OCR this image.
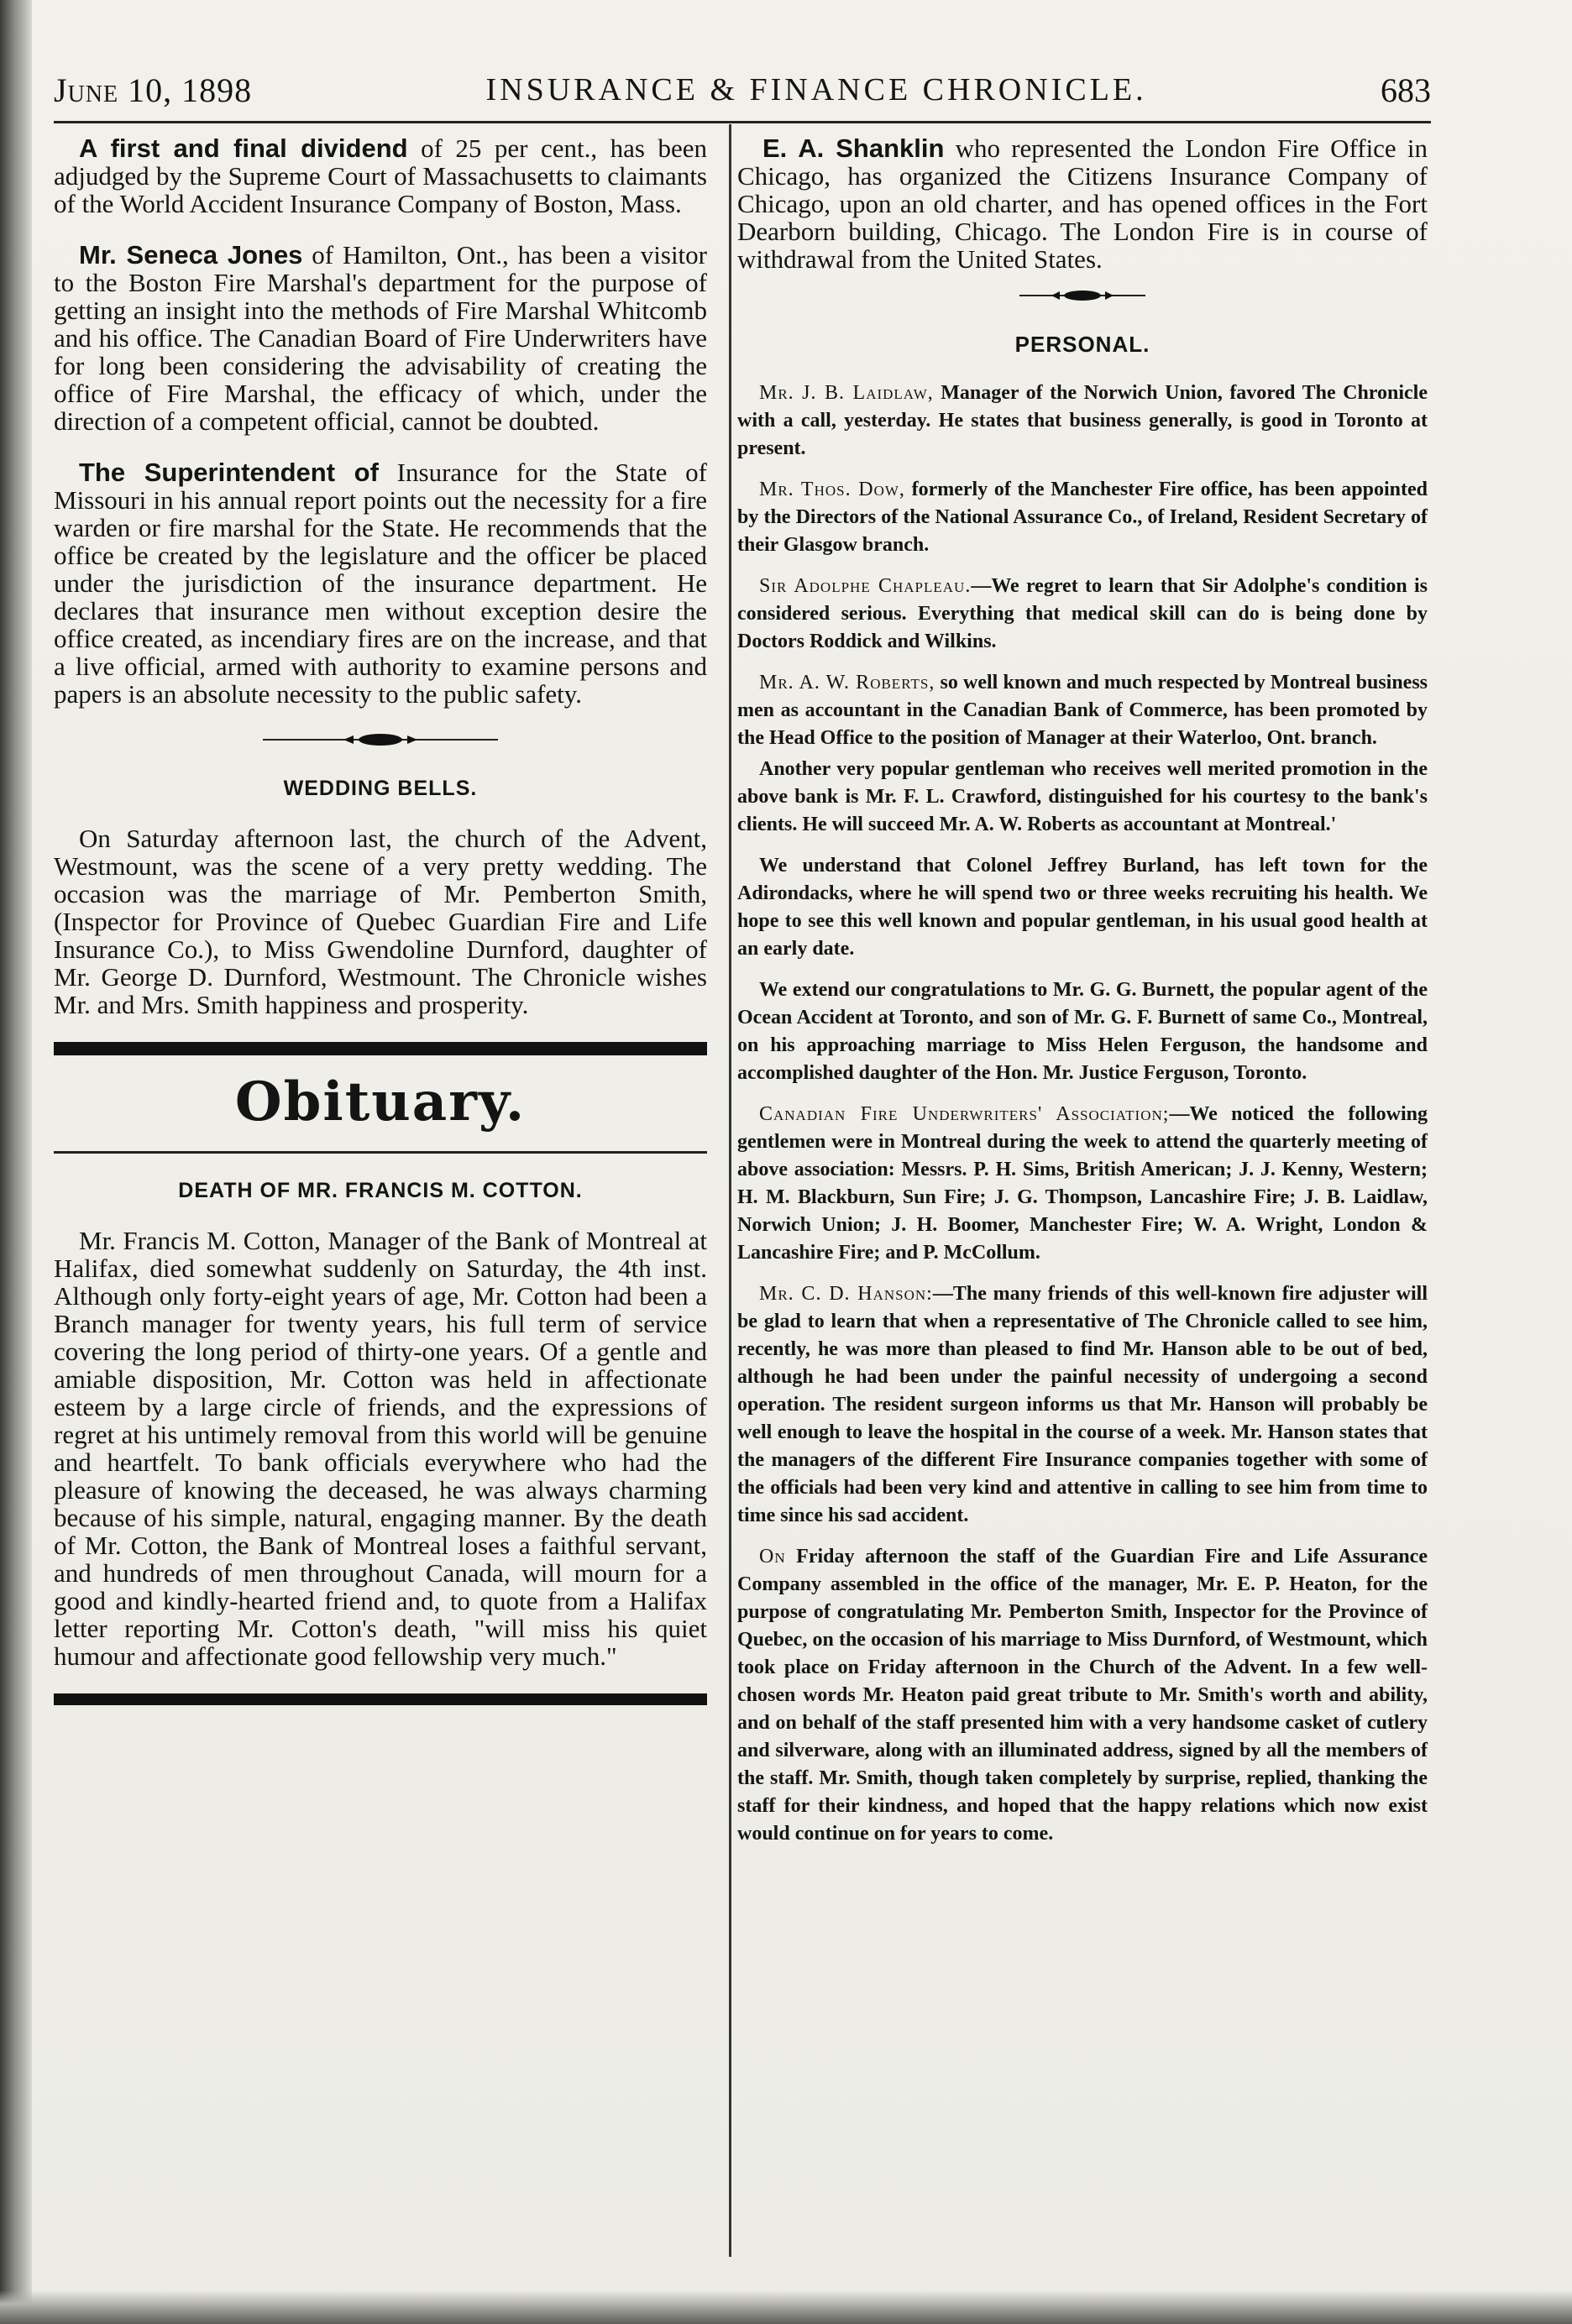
June 10, 1898	INSURANCE & FINANCE CHRONICLE.	683

A first and final dividend of 25 per cent., has been adjudged by the Supreme Court of Massachusetts to claimants of the World Accident Insurance Company of Boston, Mass.

Mr. Seneca Jones of Hamilton, Ont., has been a visitor to the Boston Fire Marshal's department for the purpose of getting an insight into the methods of Fire Marshal Whitcomb and his office. The Canadian Board of Fire Underwriters have for long been considering the advisability of creating the office of Fire Marshal, the efficacy of which, under the direction of a competent official, cannot be doubted.

The Superintendent of Insurance for the State of Missouri in his annual report points out the necessity for a fire warden or fire marshal for the State. He recommends that the office be created by the legislature and the officer be placed under the jurisdiction of the insurance department. He declares that insurance men without exception desire the office created, as incendiary fires are on the increase, and that a live official, armed with authority to examine persons and papers is an absolute necessity to the public safety.

WEDDING BELLS.

On Saturday afternoon last, the church of the Advent, Westmount, was the scene of a very pretty wedding. The occasion was the marriage of Mr. Pemberton Smith, (Inspector for Province of Quebec Guardian Fire and Life Insurance Co.), to Miss Gwendoline Durnford, daughter of Mr. George D. Durnford, Westmount. The Chronicle wishes Mr. and Mrs. Smith happiness and prosperity.

Obituary.
DEATH OF MR. FRANCIS M. COTTON.

Mr. Francis M. Cotton, Manager of the Bank of Montreal at Halifax, died somewhat suddenly on Saturday, the 4th inst. Although only forty-eight years of age, Mr. Cotton had been a Branch manager for twenty years, his full term of service covering the long period of thirty-one years. Of a gentle and amiable disposition, Mr. Cotton was held in affectionate esteem by a large circle of friends, and the expressions of regret at his untimely removal from this world will be genuine and heartfelt. To bank officials everywhere who had the pleasure of knowing the deceased, he was always charming because of his simple, natural, engaging manner. By the death of Mr. Cotton, the Bank of Montreal loses a faithful servant, and hundreds of men throughout Canada, will mourn for a good and kindly-hearted friend and, to quote from a Halifax letter reporting Mr. Cotton's death, "will miss his quiet humour and affectionate good fellowship very much."

E. A. Shanklin who represented the London Fire Office in Chicago, has organized the Citizens Insurance Company of Chicago, upon an old charter, and has opened offices in the Fort Dearborn building, Chicago. The London Fire is in course of withdrawal from the United States.

PERSONAL.

Mr. J. B. Laidlaw, Manager of the Norwich Union, favored The Chronicle with a call, yesterday. He states that business generally, is good in Toronto at present.

Mr. Thos. Dow, formerly of the Manchester Fire office, has been appointed by the Directors of the National Assurance Co., of Ireland, Resident Secretary of their Glasgow branch.

Sir Adolphe Chapleau.—We regret to learn that Sir Adolphe's condition is considered serious. Everything that medical skill can do is being done by Doctors Roddick and Wilkins.

Mr. A. W. Roberts, so well known and much respected by Montreal business men as accountant in the Canadian Bank of Commerce, has been promoted by the Head Office to the position of Manager at their Waterloo, Ont. branch.

Another very popular gentleman who receives well merited promotion in the above bank is Mr. F. L. Crawford, distinguished for his courtesy to the bank's clients. He will succeed Mr. A. W. Roberts as accountant at Montreal.'

We understand that Colonel Jeffrey Burland, has left town for the Adirondacks, where he will spend two or three weeks recruiting his health. We hope to see this well known and popular gentleman, in his usual good health at an early date.

We extend our congratulations to Mr. G. G. Burnett, the popular agent of the Ocean Accident at Toronto, and son of Mr. G. F. Burnett of same Co., Montreal, on his approaching marriage to Miss Helen Ferguson, the handsome and accomplished daughter of the Hon. Mr. Justice Ferguson, Toronto.

Canadian Fire Underwriters' Association;—We noticed the following gentlemen were in Montreal during the week to attend the quarterly meeting of above association: Messrs. P. H. Sims, British American; J. J. Kenny, Western; H. M. Blackburn, Sun Fire; J. G. Thompson, Lancashire Fire; J. B. Laidlaw, Norwich Union; J. H. Boomer, Manchester Fire; W. A. Wright, London & Lancashire Fire; and P. McCollum.

Mr. C. D. Hanson:—The many friends of this well-known fire adjuster will be glad to learn that when a representative of The Chronicle called to see him, recently, he was more than pleased to find Mr. Hanson able to be out of bed, although he had been under the painful necessity of undergoing a second operation. The resident surgeon informs us that Mr. Hanson will probably be well enough to leave the hospital in the course of a week. Mr. Hanson states that the managers of the different Fire Insurance companies together with some of the officials had been very kind and attentive in calling to see him from time to time since his sad accident.

On Friday afternoon the staff of the Guardian Fire and Life Assurance Company assembled in the office of the manager, Mr. E. P. Heaton, for the purpose of congratulating Mr. Pemberton Smith, Inspector for the Province of Quebec, on the occasion of his marriage to Miss Durnford, of Westmount, which took place on Friday afternoon in the Church of the Advent. In a few well-chosen words Mr. Heaton paid great tribute to Mr. Smith's worth and ability, and on behalf of the staff presented him with a very handsome casket of cutlery and silverware, along with an illuminated address, signed by all the members of the staff. Mr. Smith, though taken completely by surprise, replied, thanking the staff for their kindness, and hoped that the happy relations which now exist would continue on for years to come.
